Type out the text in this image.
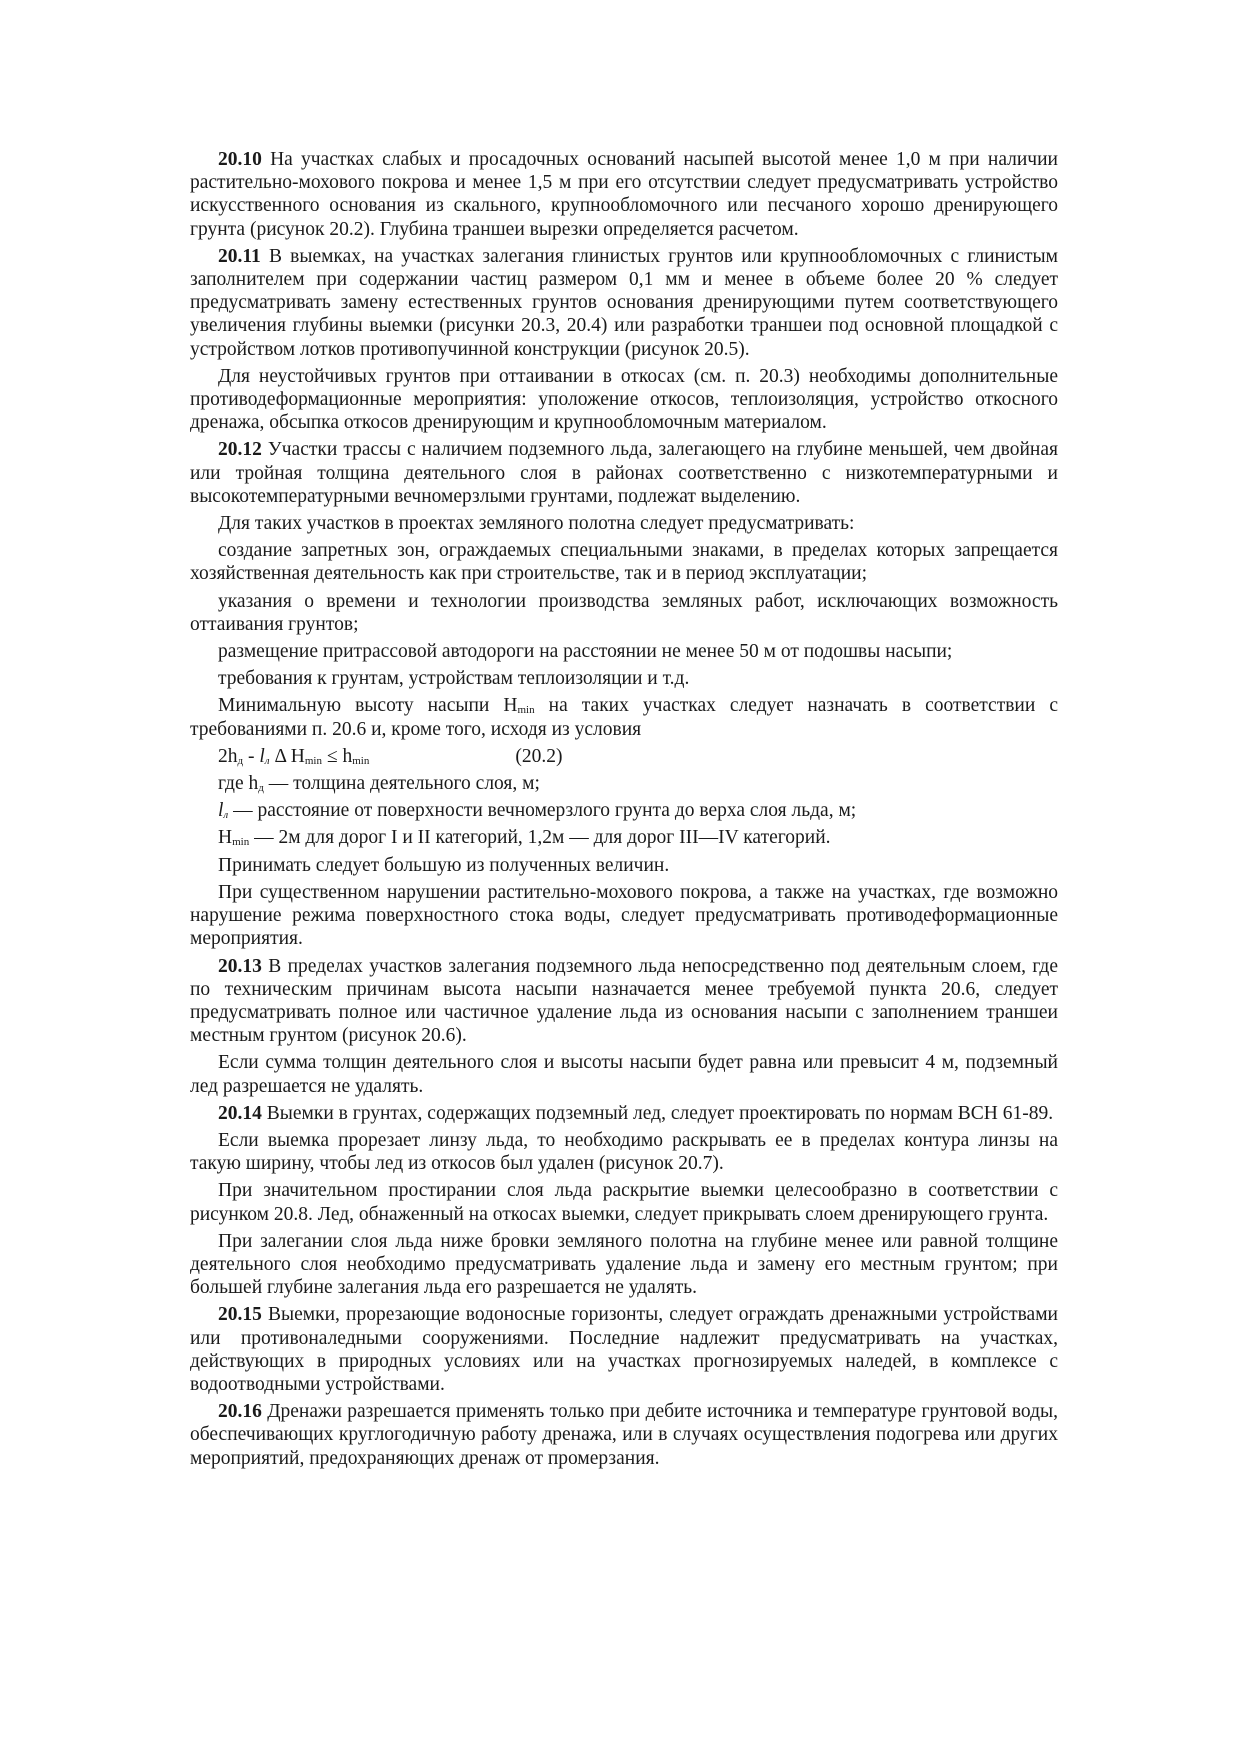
20.10 На участках слабых и просадочных оснований насыпей высотой менее 1,0 м при наличии растительно-мохового покрова и менее 1,5 м при его отсутствии следует предусматривать устройство искусственного основания из скального, крупнообломочного или песчаного хорошо дренирующего грунта (рисунок 20.2). Глубина траншеи вырезки определяется расчетом.

20.11 В выемках, на участках залегания глинистых грунтов или крупнообломочных с глинистым заполнителем при содержании частиц размером 0,1 мм и менее в объеме более 20 % следует предусматривать замену естественных грунтов основания дренирующими путем соответствующего увеличения глубины выемки (рисунки 20.3, 20.4) или разработки траншеи под основной площадкой с устройством лотков противопучинной конструкции (рисунок 20.5).

Для неустойчивых грунтов при оттаивании в откосах (см. п. 20.3) необходимы дополнительные противодеформационные мероприятия: уположение откосов, теплоизоляция, устройство откосного дренажа, обсыпка откосов дренирующим и крупнообломочным материалом.

20.12 Участки трассы с наличием подземного льда, залегающего на глубине меньшей, чем двойная или тройная толщина деятельного слоя в районах соответственно с низкотемпературными и высокотемпературными вечномерзлыми грунтами, подлежат выделению.

Для таких участков в проектах земляного полотна следует предусматривать:

создание запретных зон, ограждаемых специальными знаками, в пределах которых запрещается хозяйственная деятельность как при строительстве, так и в период эксплуатации;

указания о времени и технологии производства земляных работ, исключающих возможность оттаивания грунтов;

размещение притрассовой автодороги на расстоянии не менее 50 м от подошвы насыпи;

требования к грунтам, устройствам теплоизоляции и т.д.

Минимальную высоту насыпи $H_{min}$ на таких участках следует назначать в соответствии с требованиями п. 20.6 и, кроме того, исходя из условия

$2h_д - l_л$ Δ $H_{min} \le h_{min}$	(20.2)

где $h_д$ — толщина деятельного слоя, м;

$l_л$ — расстояние от поверхности вечномерзлого грунта до верха слоя льда, м;

$H_{min}$ — 2м для дорог I и II категорий, 1,2м — для дорог III—IV категорий.

Принимать следует большую из полученных величин.

При существенном нарушении растительно-мохового покрова, а также на участках, где возможно нарушение режима поверхностного стока воды, следует предусматривать противодеформационные мероприятия.

20.13 В пределах участков залегания подземного льда непосредственно под деятельным слоем, где по техническим причинам высота насыпи назначается менее требуемой пункта 20.6, следует предусматривать полное или частичное удаление льда из основания насыпи с заполнением траншеи местным грунтом (рисунок 20.6).

Если сумма толщин деятельного слоя и высоты насыпи будет равна или превысит 4 м, подземный лед разрешается не удалять.

20.14 Выемки в грунтах, содержащих подземный лед, следует проектировать по нормам ВСН 61-89.

Если выемка прорезает линзу льда, то необходимо раскрывать ее в пределах контура линзы на такую ширину, чтобы лед из откосов был удален (рисунок 20.7).

При значительном простирании слоя льда раскрытие выемки целесообразно в соответствии с рисунком 20.8. Лед, обнаженный на откосах выемки, следует прикрывать слоем дренирующего грунта.

При залегании слоя льда ниже бровки земляного полотна на глубине менее или равной толщине деятельного слоя необходимо предусматривать удаление льда и замену его местным грунтом; при большей глубине залегания льда его разрешается не удалять.

20.15 Выемки, прорезающие водоносные горизонты, следует ограждать дренажными устройствами или противоналедными сооружениями. Последние надлежит предусматривать на участках, действующих в природных условиях или на участках прогнозируемых наледей, в комплексе с водоотводными устройствами.

20.16 Дренажи разрешается применять только при дебите источника и температуре грунтовой воды, обеспечивающих круглогодичную работу дренажа, или в случаях осуществления подогрева или других мероприятий, предохраняющих дренаж от промерзания.
